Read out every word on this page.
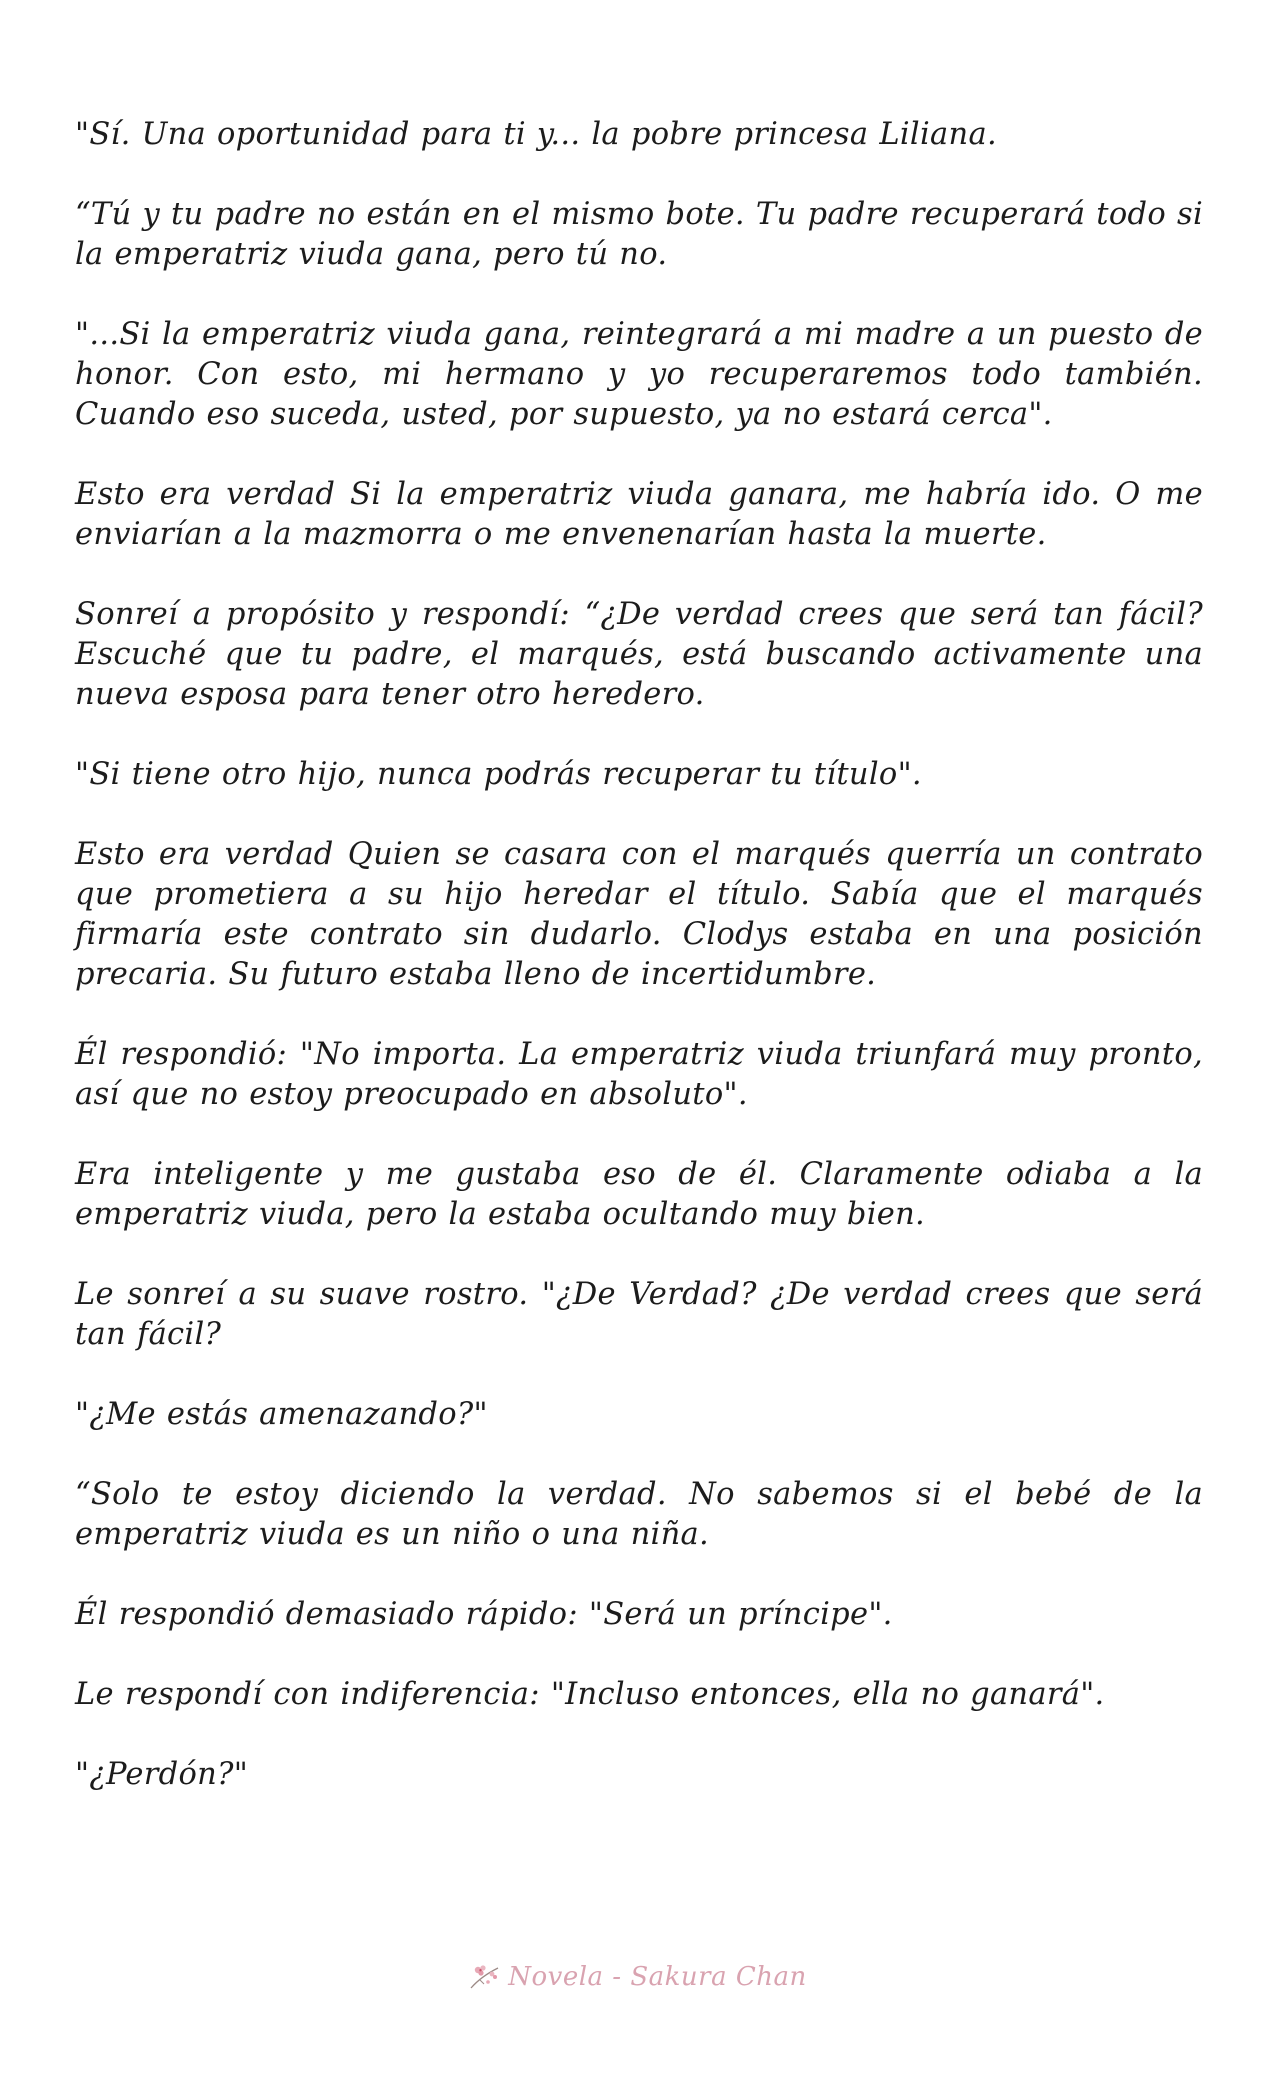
"Sí. Una oportunidad para ti y... la pobre princesa Liliana.

“Tú y tu padre no están en el mismo bote. Tu padre recuperará todo si la emperatriz viuda gana, pero tú no.

"...Si la emperatriz viuda gana, reintegrará a mi madre a un puesto de honor. Con esto, mi hermano y yo recuperaremos todo también. Cuando eso suceda, usted, por supuesto, ya no estará cerca".

Esto era verdad Si la emperatriz viuda ganara, me habría ido. O me enviarían a la mazmorra o me envenenarían hasta la muerte.

Sonreí a propósito y respondí: “¿De verdad crees que será tan fácil? Escuché que tu padre, el marqués, está buscando activamente una nueva esposa para tener otro heredero.

"Si tiene otro hijo, nunca podrás recuperar tu título".

Esto era verdad Quien se casara con el marqués querría un contrato que prometiera a su hijo heredar el título. Sabía que el marqués firmaría este contrato sin dudarlo. Clodys estaba en una posición precaria. Su futuro estaba lleno de incertidumbre.

Él respondió: "No importa. La emperatriz viuda triunfará muy pronto, así que no estoy preocupado en absoluto".

Era inteligente y me gustaba eso de él. Claramente odiaba a la emperatriz viuda, pero la estaba ocultando muy bien.

Le sonreí a su suave rostro. "¿De Verdad? ¿De verdad crees que será tan fácil?

"¿Me estás amenazando?"

“Solo te estoy diciendo la verdad. No sabemos si el bebé de la emperatriz viuda es un niño o una niña.

Él respondió demasiado rápido: "Será un príncipe".

Le respondí con indiferencia: "Incluso entonces, ella no ganará".

"¿Perdón?"

Novela - Sakura Chan
